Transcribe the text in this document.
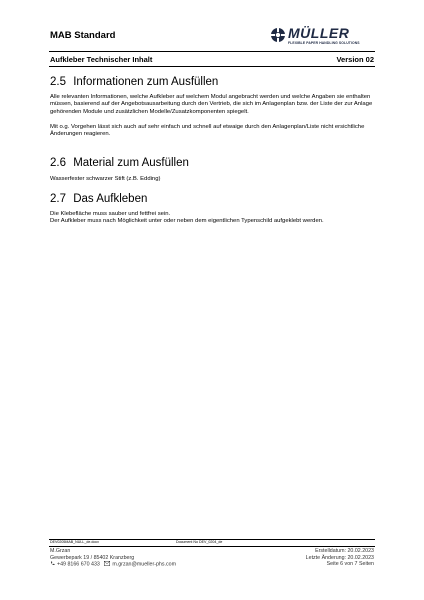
MAB Standard	MÜLLER
FLEXIBLE PAPER HANDLING SOLUTIONS
Aufkleber Technischer Inhalt	Version 02
2.5 Informationen zum Ausfüllen
Alle relevanten Informationen, welche Aufkleber auf welchem Modul angebracht werden und welche Angaben sie enthalten müssen, basierend auf der Angebotsausarbeitung durch den Vertrieb, die sich im Anlagenplan bzw. der Liste der zur Anlage gehörenden Module und zusätzlichen Modelle/Zusatzkomponenten spiegelt.
Mit o.g. Vorgehen lässt sich auch auf sehr einfach und schnell auf etwaige durch den Anlagenplan/Liste nicht ersichtliche Änderungen reagieren.
2.6 Material zum Ausfüllen
Wasserfester schwarzer Stift (z.B. Edding)
2.7 Das Aufkleben
Die Klebefläche muss sauber und fettfrei sein.
Der Aufkleber muss nach Möglichkeit unter oder neben dem eigentlichen Typenschild aufgeklebt werden.
DEV0205MAB_NULL_de.docx	Document No DEV_0204_de
M.Grzan
Gewerbepark 19 / 85402 Kranzberg
+49 8166 670 433 m.grzan@mueller-phs.com
Erstelldatum: 20.02.2023
Letzte Änderung: 20.02.2023
Seite 6 von 7 Seiten
